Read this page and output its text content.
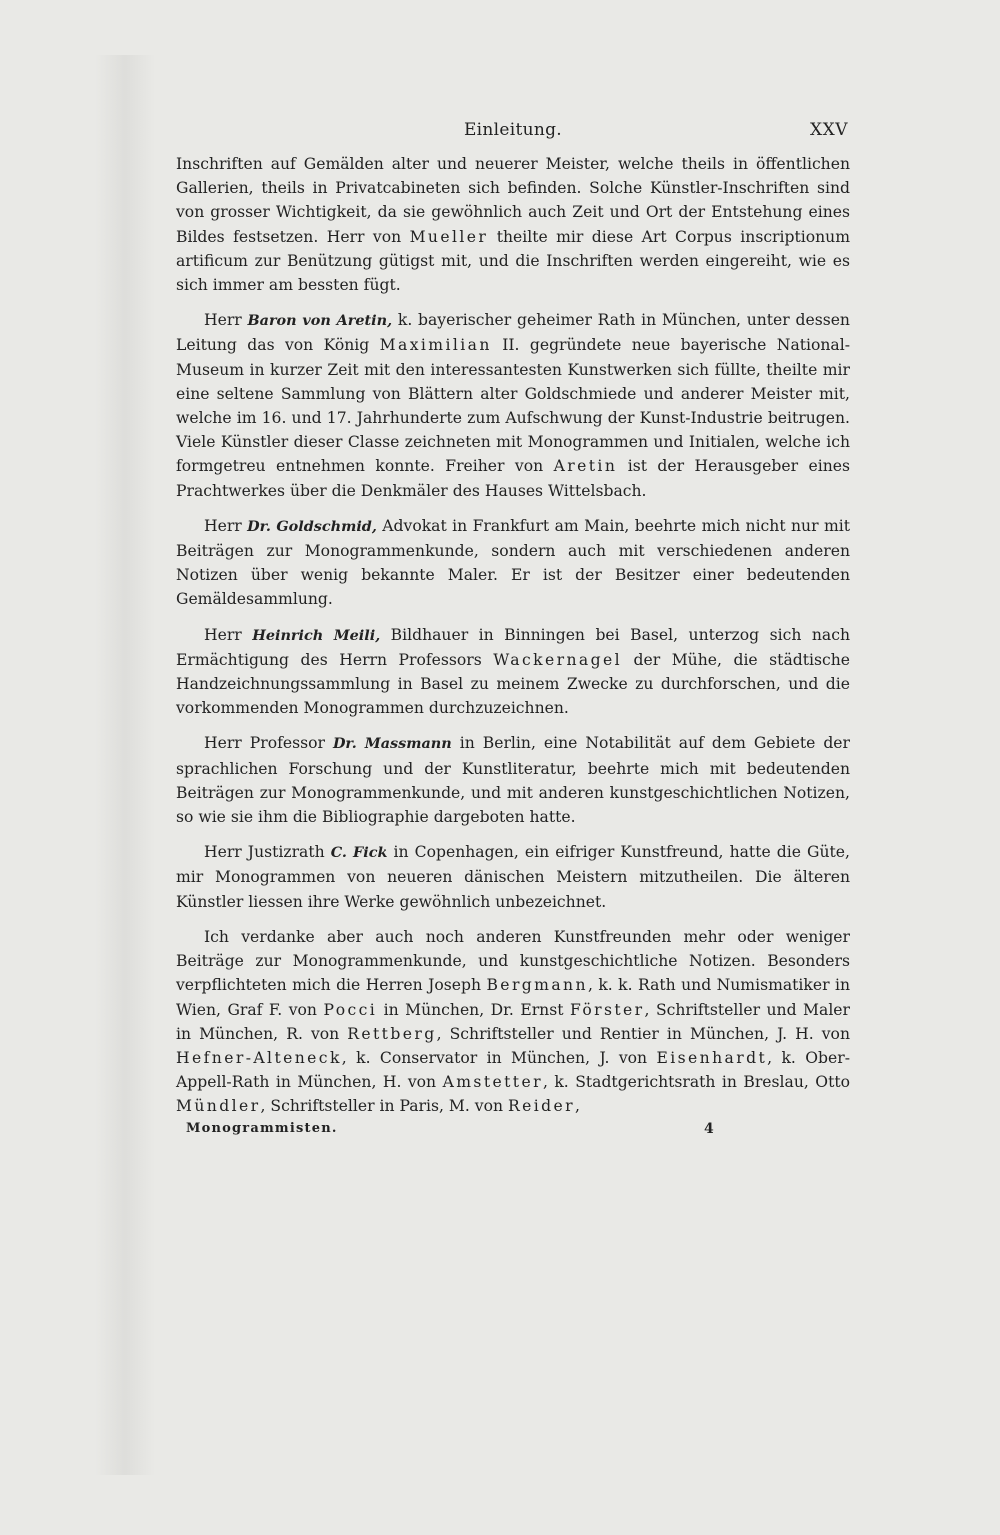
Einleitung.	XXV

Inschriften auf Gemälden alter und neuerer Meister, welche theils in öffentlichen Gallerien, theils in Privatcabineten sich befinden. Solche Künstler-Inschriften sind von grosser Wichtigkeit, da sie gewöhnlich auch Zeit und Ort der Entstehung eines Bildes festsetzen. Herr von Mueller theilte mir diese Art Corpus inscriptionum artificum zur Benützung gütigst mit, und die Inschriften werden eingereiht, wie es sich immer am bessten fügt.

Herr Baron von Aretin, k. bayerischer geheimer Rath in München, unter dessen Leitung das von König Maximilian II. gegründete neue bayerische National-Museum in kurzer Zeit mit den interessantesten Kunstwerken sich füllte, theilte mir eine seltene Sammlung von Blättern alter Goldschmiede und anderer Meister mit, welche im 16. und 17. Jahrhunderte zum Aufschwung der Kunst-Industrie beitrugen. Viele Künstler dieser Classe zeichneten mit Monogrammen und Initialen, welche ich formgetreu entnehmen konnte. Freiher von Aretin ist der Herausgeber eines Prachtwerkes über die Denkmäler des Hauses Wittelsbach.

Herr Dr. Goldschmid, Advokat in Frankfurt am Main, beehrte mich nicht nur mit Beiträgen zur Monogrammenkunde, sondern auch mit verschiedenen anderen Notizen über wenig bekannte Maler. Er ist der Besitzer einer bedeutenden Gemäldesammlung.

Herr Heinrich Meili, Bildhauer in Binningen bei Basel, unterzog sich nach Ermächtigung des Herrn Professors Wackernagel der Mühe, die städtische Handzeichnungssammlung in Basel zu meinem Zwecke zu durchforschen, und die vorkommenden Monogrammen durchzuzeichnen.

Herr Professor Dr. Massmann in Berlin, eine Notabilität auf dem Gebiete der sprachlichen Forschung und der Kunstliteratur, beehrte mich mit bedeutenden Beiträgen zur Monogrammenkunde, und mit anderen kunstgeschichtlichen Notizen, so wie sie ihm die Bibliographie dargeboten hatte.

Herr Justizrath C. Fick in Copenhagen, ein eifriger Kunstfreund, hatte die Güte, mir Monogrammen von neueren dänischen Meistern mitzutheilen. Die älteren Künstler liessen ihre Werke gewöhnlich unbezeichnet.

Ich verdanke aber auch noch anderen Kunstfreunden mehr oder weniger Beiträge zur Monogrammenkunde, und kunstgeschichtliche Notizen. Besonders verpflichteten mich die Herren Joseph Bergmann, k. k. Rath und Numismatiker in Wien, Graf F. von Pocci in München, Dr. Ernst Förster, Schriftsteller und Maler in München, R. von Rettberg, Schriftsteller und Rentier in München, J. H. von Hefner-Alteneck, k. Conservator in München, J. von Eisenhardt, k. Ober-Appell-Rath in München, H. von Amstetter, k. Stadtgerichtsrath in Breslau, Otto Mündler, Schriftsteller in Paris, M. von Reider,

Monogrammisten.	4
